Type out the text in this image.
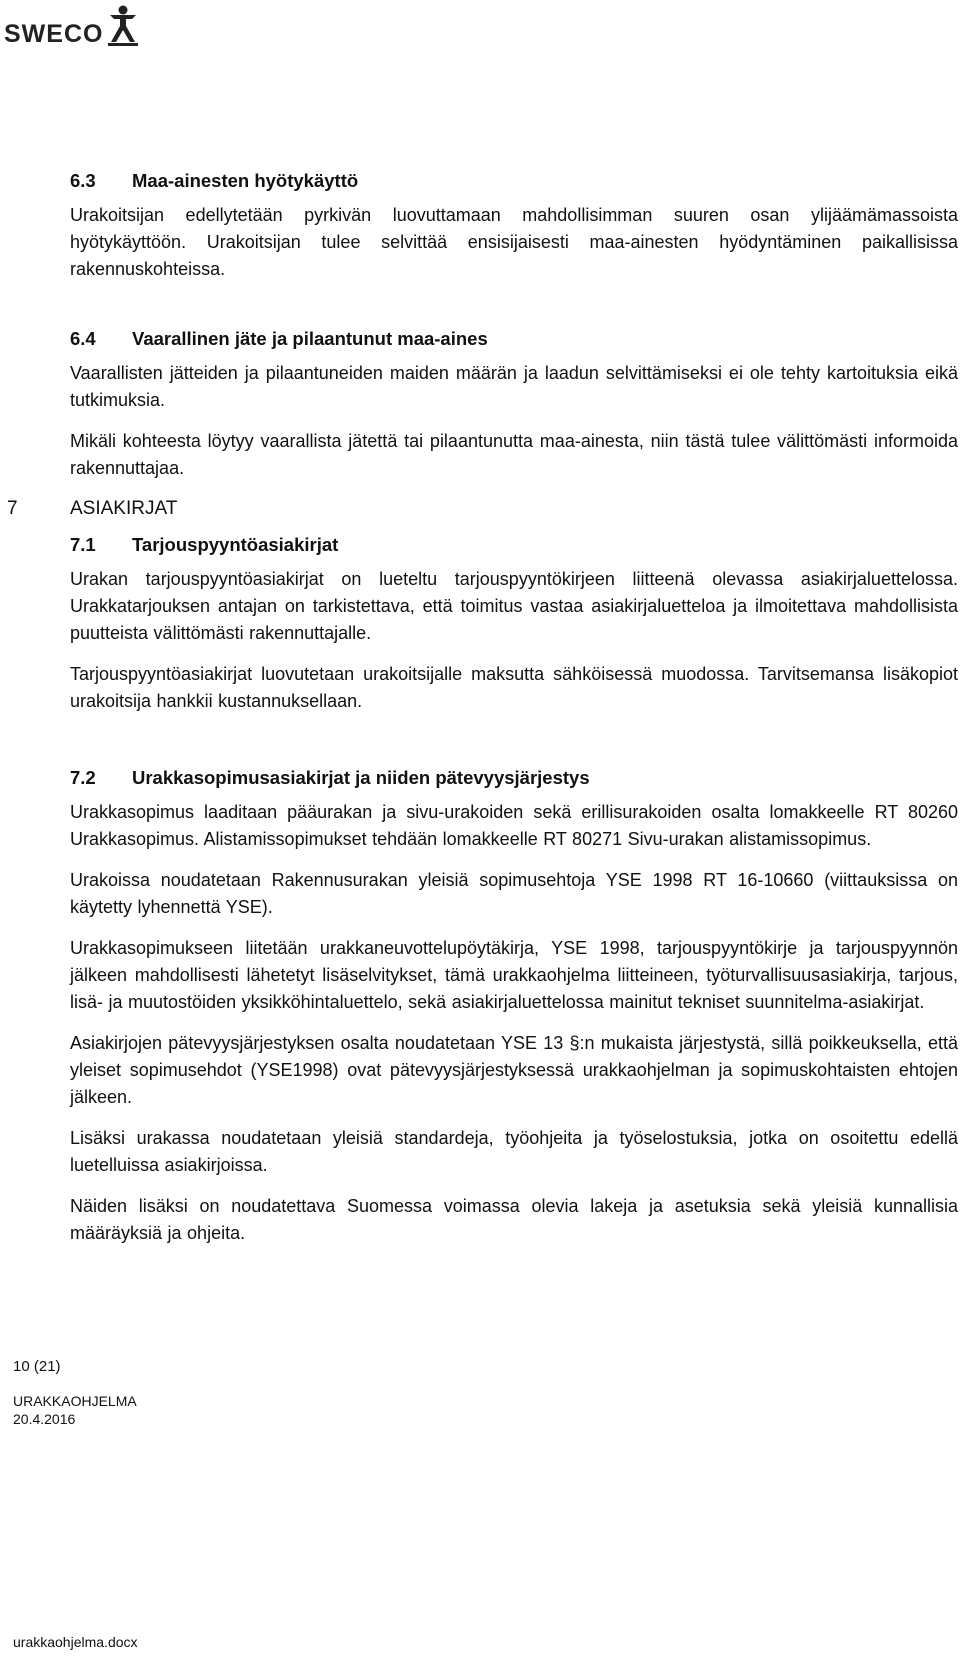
SWECO
6.3	Maa-ainesten hyötykäyttö

Urakoitsijan edellytetään pyrkivän luovuttamaan mahdollisimman suuren osan ylijäämämassoista hyötykäyttöön. Urakoitsijan tulee selvittää ensisijaisesti maa-ainesten hyödyntäminen paikallisissa rakennuskohteissa.

6.4	Vaarallinen jäte ja pilaantunut maa-aines

Vaarallisten jätteiden ja pilaantuneiden maiden määrän ja laadun selvittämiseksi ei ole tehty kartoituksia eikä tutkimuksia.

Mikäli kohteesta löytyy vaarallista jätettä tai pilaantunutta maa-ainesta, niin tästä tulee välittömästi informoida rakennuttajaa.

7	ASIAKIRJAT
7.1	Tarjouspyyntöasiakirjat

Urakan tarjouspyyntöasiakirjat on lueteltu tarjouspyyntökirjeen liitteenä olevassa asiakirjaluettelossa. Urakkatarjouksen antajan on tarkistettava, että toimitus vastaa asiakirjaluetteloa ja ilmoitettava mahdollisista puutteista välittömästi rakennuttajalle.

Tarjouspyyntöasiakirjat luovutetaan urakoitsijalle maksutta sähköisessä muodossa. Tarvitsemansa lisäkopiot urakoitsija hankkii kustannuksellaan.

7.2	Urakkasopimusasiakirjat ja niiden pätevyysjärjestys

Urakkasopimus laaditaan pääurakan ja sivu-urakoiden sekä erillisurakoiden osalta lomakkeelle RT 80260 Urakkasopimus. Alistamissopimukset tehdään lomakkeelle RT 80271 Sivu-urakan alistamissopimus.

Urakoissa noudatetaan Rakennusurakan yleisiä sopimusehtoja YSE 1998 RT 16-10660 (viittauksissa on käytetty lyhennettä YSE).

Urakkasopimukseen liitetään urakkaneuvottelupöytäkirja, YSE 1998, tarjouspyyntökirje ja tarjouspyynnön jälkeen mahdollisesti lähetetyt lisäselvitykset, tämä urakkaohjelma liitteineen, työturvallisuusasiakirja, tarjous, lisä- ja muutostöiden yksikköhintaluettelo, sekä asiakirjaluettelossa mainitut tekniset suunnitelma-asiakirjat.

Asiakirjojen pätevyysjärjestyksen osalta noudatetaan YSE 13 §:n mukaista järjestystä, sillä poikkeuksella, että yleiset sopimusehdot (YSE1998) ovat pätevyysjärjestyksessä urakkaohjelman ja sopimuskohtaisten ehtojen jälkeen.

Lisäksi urakassa noudatetaan yleisiä standardeja, työohjeita ja työselostuksia, jotka on osoitettu edellä luetelluissa asiakirjoissa.

Näiden lisäksi on noudatettava Suomessa voimassa olevia lakeja ja asetuksia sekä yleisiä kunnallisia määräyksiä ja ohjeita.

10 (21)
URAKKAOHJELMA
20.4.2016
urakkaohjelma.docx
